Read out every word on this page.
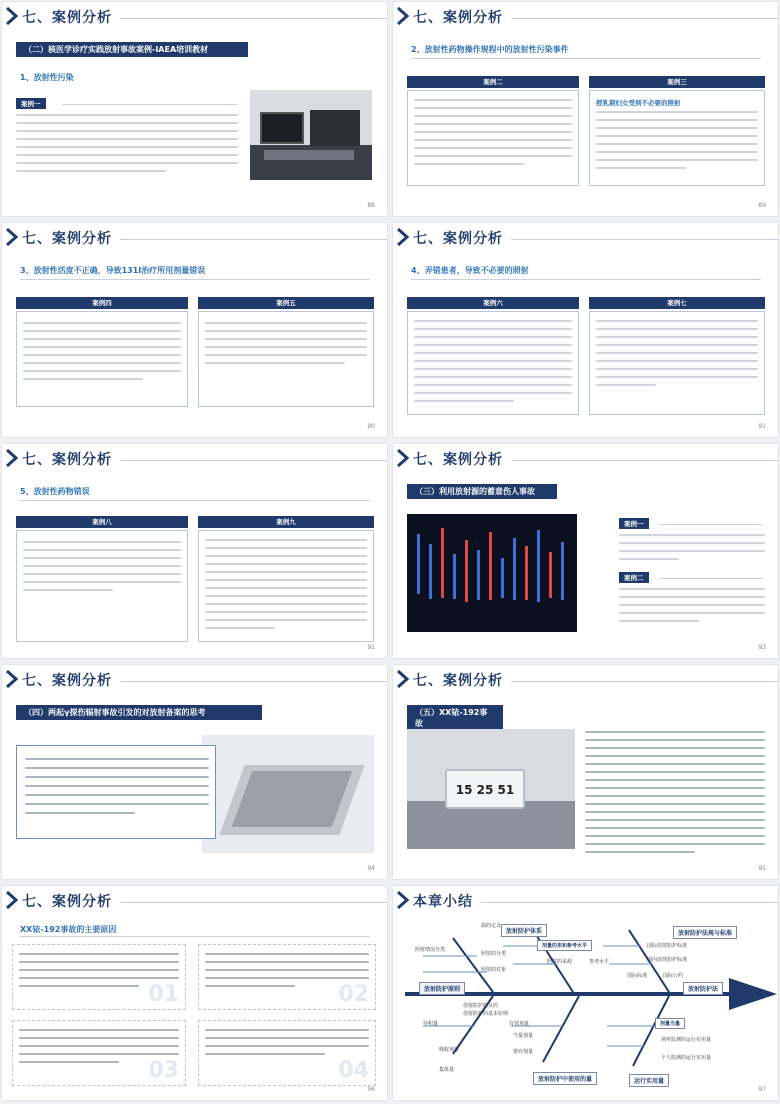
七、案例分析
（二）核医学诊疗实践放射事故案例-IAEA培训教材
1、放射性污染
案例一
88
七、案例分析
2、放射性药物操作规程中的放射性污染事件
案例二	案例三
授乳期妇女受到不必要的照射
89
七、案例分析
3、放射性活度不正确，导致131I治疗所用剂量错误
案例四	案例五
90
七、案例分析
4、弄错患者，导致不必要的照射
案例六	案例七
91
七、案例分析
5、放射性药物错误
案例八	案例九
92
七、案例分析
（三）利用放射源的蓄意伤人事故
案例一
案例二
93
七、案例分析
（四）两起γ探伤辐射事故引发的对放射备案的思考
94
七、案例分析
（五）XX铱-192事故
15 25 51
95
七、案例分析
XX铱-192事故的主要原因
01	02
03	04
96
本章小结
放射防护体系	放射防护法规与标准
放射防护原则	放射防护法
放射防护中使用的量	运行实用量
剂量的来和参考水平
剂量当量
源的定义
照射情况分类
照射的分类
照射的对象
放射防护的目的
放射防护的基本原则
照射的来源	参考水平
国际放射防护标准
国内放射防护标准
国际标准	国际公约
待积量	有效剂量
当量剂量
吸收剂量	器官剂量
集体量
个人监测的运行实用量
场所监测的运行实用量
97
